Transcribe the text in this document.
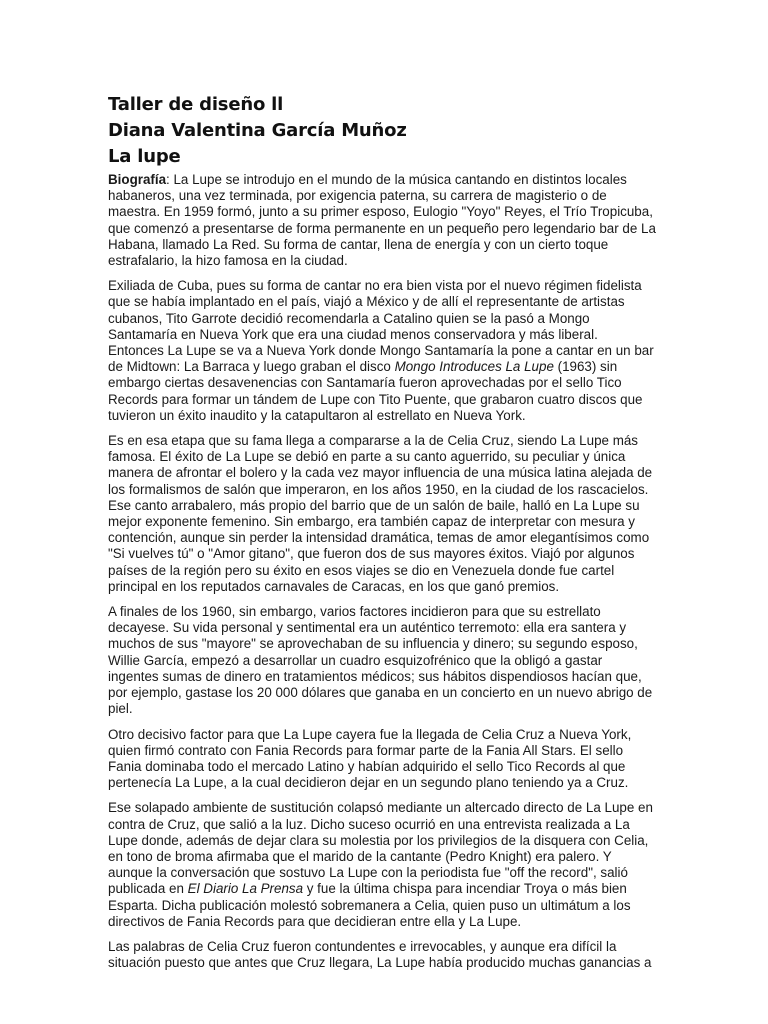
Taller de diseño ll
Diana Valentina García Muñoz
La lupe

Biografía: La Lupe se introdujo en el mundo de la música cantando en distintos locales habaneros, una vez terminada, por exigencia paterna, su carrera de magisterio o de maestra. En 1959 formó, junto a su primer esposo, Eulogio "Yoyo" Reyes, el Trío Tropicuba, que comenzó a presentarse de forma permanente en un pequeño pero legendario bar de La Habana, llamado La Red. Su forma de cantar, llena de energía y con un cierto toque estrafalario, la hizo famosa en la ciudad.

Exiliada de Cuba, pues su forma de cantar no era bien vista por el nuevo régimen fidelista que se había implantado en el país, viajó a México y de allí el representante de artistas cubanos, Tito Garrote decidió recomendarla a Catalino quien se la pasó a Mongo Santamaría en Nueva York que era una ciudad menos conservadora y más liberal. Entonces La Lupe se va a Nueva York donde Mongo Santamaría la pone a cantar en un bar de Midtown: La Barraca y luego graban el disco Mongo Introduces La Lupe (1963) sin embargo ciertas desavenencias con Santamaría fueron aprovechadas por el sello Tico Records para formar un tándem de Lupe con Tito Puente, que grabaron cuatro discos que tuvieron un éxito inaudito y la catapultaron al estrellato en Nueva York.

Es en esa etapa que su fama llega a compararse a la de Celia Cruz, siendo La Lupe más famosa. El éxito de La Lupe se debió en parte a su canto aguerrido, su peculiar y única manera de afrontar el bolero y la cada vez mayor influencia de una música latina alejada de los formalismos de salón que imperaron, en los años 1950, en la ciudad de los rascacielos. Ese canto arrabalero, más propio del barrio que de un salón de baile, halló en La Lupe su mejor exponente femenino. Sin embargo, era también capaz de interpretar con mesura y contención, aunque sin perder la intensidad dramática, temas de amor elegantísimos como "Si vuelves tú" o "Amor gitano", que fueron dos de sus mayores éxitos. Viajó por algunos países de la región pero su éxito en esos viajes se dio en Venezuela donde fue cartel principal en los reputados carnavales de Caracas, en los que ganó premios.

A finales de los 1960, sin embargo, varios factores incidieron para que su estrellato decayese. Su vida personal y sentimental era un auténtico terremoto: ella era santera y muchos de sus "mayore" se aprovechaban de su influencia y dinero; su segundo esposo, Willie García, empezó a desarrollar un cuadro esquizofrénico que la obligó a gastar ingentes sumas de dinero en tratamientos médicos; sus hábitos dispendiosos hacían que, por ejemplo, gastase los 20 000 dólares que ganaba en un concierto en un nuevo abrigo de piel.

Otro decisivo factor para que La Lupe cayera fue la llegada de Celia Cruz a Nueva York, quien firmó contrato con Fania Records para formar parte de la Fania All Stars. El sello Fania dominaba todo el mercado Latino y habían adquirido el sello Tico Records al que pertenecía La Lupe, a la cual decidieron dejar en un segundo plano teniendo ya a Cruz.

Ese solapado ambiente de sustitución colapsó mediante un altercado directo de La Lupe en contra de Cruz, que salió a la luz. Dicho suceso ocurrió en una entrevista realizada a La Lupe donde, además de dejar clara su molestia por los privilegios de la disquera con Celia, en tono de broma afirmaba que el marido de la cantante (Pedro Knight) era palero. Y aunque la conversación que sostuvo La Lupe con la periodista fue "off the record", salió publicada en El Diario La Prensa y fue la última chispa para incendiar Troya o más bien Esparta. Dicha publicación molestó sobremanera a Celia, quien puso un ultimátum a los directivos de Fania Records para que decidieran entre ella y La Lupe.

Las palabras de Celia Cruz fueron contundentes e irrevocables, y aunque era difícil la situación puesto que antes que Cruz llegara, La Lupe había producido muchas ganancias a
